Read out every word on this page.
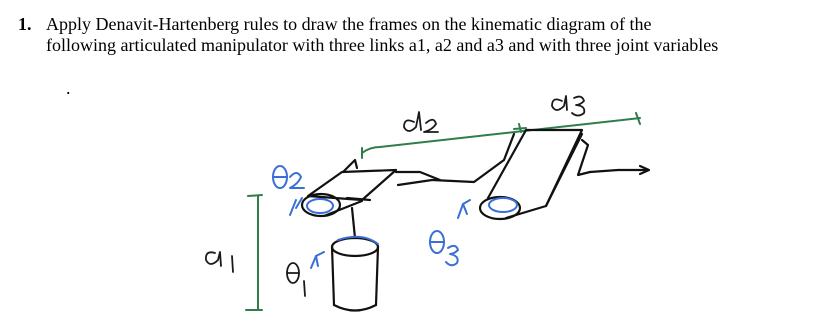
1. Apply Denavit-Hartenberg rules to draw the frames on the kinematic diagram of the
following articulated manipulator with three links a1, a2 and a3 and with three joint variables
.
